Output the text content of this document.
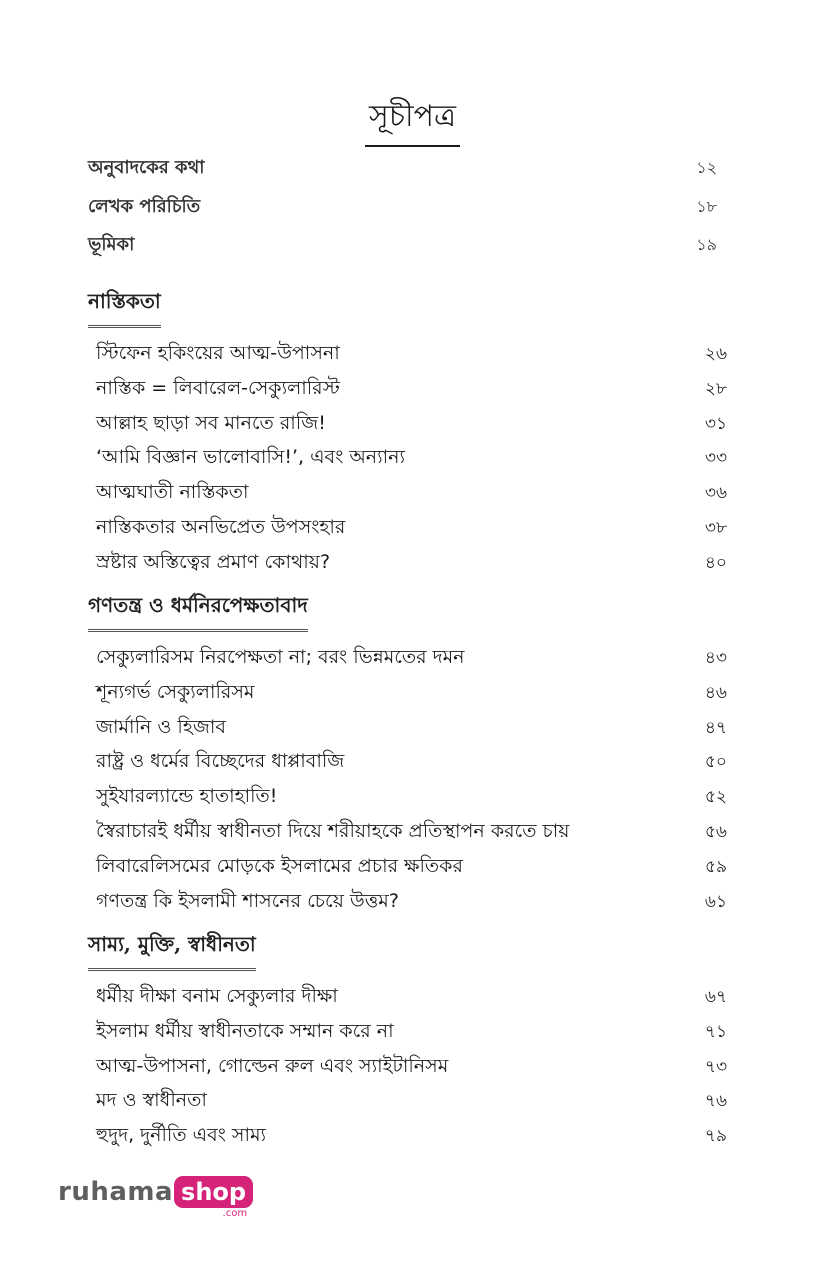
সূচীপত্র
অনুবাদকের কথা	১২
লেখক পরিচিতি	১৮
ভূমিকা	১৯
নাস্তিকতা
স্টিফেন হকিংয়ের আত্ম-উপাসনা	২৬
নাস্তিক = লিবারেল-সেক্যুলারিস্ট	২৮
আল্লাহ ছাড়া সব মানতে রাজি!	৩১
‘আমি বিজ্ঞান ভালোবাসি!’, এবং অন্যান্য	৩৩
আত্মঘাতী নাস্তিকতা	৩৬
নাস্তিকতার অনভিপ্রেত উপসংহার	৩৮
স্রষ্টার অস্তিত্বের প্রমাণ কোথায়?	৪০
গণতন্ত্র ও ধর্মনিরপেক্ষতাবাদ
সেক্যুলারিসম নিরপেক্ষতা না; বরং ভিন্নমতের দমন	৪৩
শূন্যগর্ভ সেক্যুলারিসম	৪৬
জার্মানি ও হিজাব	৪৭
রাষ্ট্র ও ধর্মের বিচ্ছেদের ধাপ্পাবাজি	৫০
সুইযারল্যান্ডে হাতাহাতি!	৫২
স্বৈরাচারই ধর্মীয় স্বাধীনতা দিয়ে শরীয়াহকে প্রতিস্থাপন করতে চায়	৫৬
লিবারেলিসমের মোড়কে ইসলামের প্রচার ক্ষতিকর	৫৯
গণতন্ত্র কি ইসলামী শাসনের চেয়ে উত্তম?	৬১
সাম্য, মুক্তি, স্বাধীনতা
ধর্মীয় দীক্ষা বনাম সেক্যুলার দীক্ষা	৬৭
ইসলাম ধর্মীয় স্বাধীনতাকে সম্মান করে না	৭১
আত্ম-উপাসনা, গোল্ডেন রুল এবং স্যাইটানিসম	৭৩
মদ ও স্বাধীনতা	৭৬
হুদুদ, দুর্নীতি এবং সাম্য	৭৯
ruhama shop
.com
